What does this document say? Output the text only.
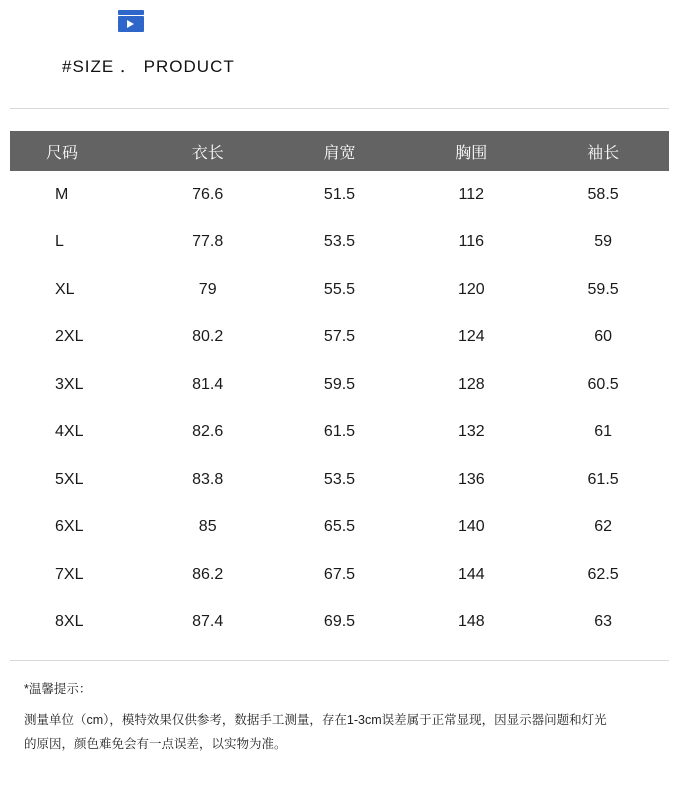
#SIZE ． PRODUCT
尺码	衣长	肩宽	胸围	袖长
M	76.6	51.5	112	58.5
L	77.8	53.5	116	59
XL	79	55.5	120	59.5
2XL	80.2	57.5	124	60
3XL	81.4	59.5	128	60.5
4XL	82.6	61.5	132	61
5XL	83.8	53.5	136	61.5
6XL	85	65.5	140	62
7XL	86.2	67.5	144	62.5
8XL	87.4	69.5	148	63
*温馨提示：
测量单位（cm），模特效果仅供参考，数据手工测量，存在1-3cm误差属于正常显现，因显示器问题和灯光
的原因，颜色难免会有一点误差，以实物为准。
